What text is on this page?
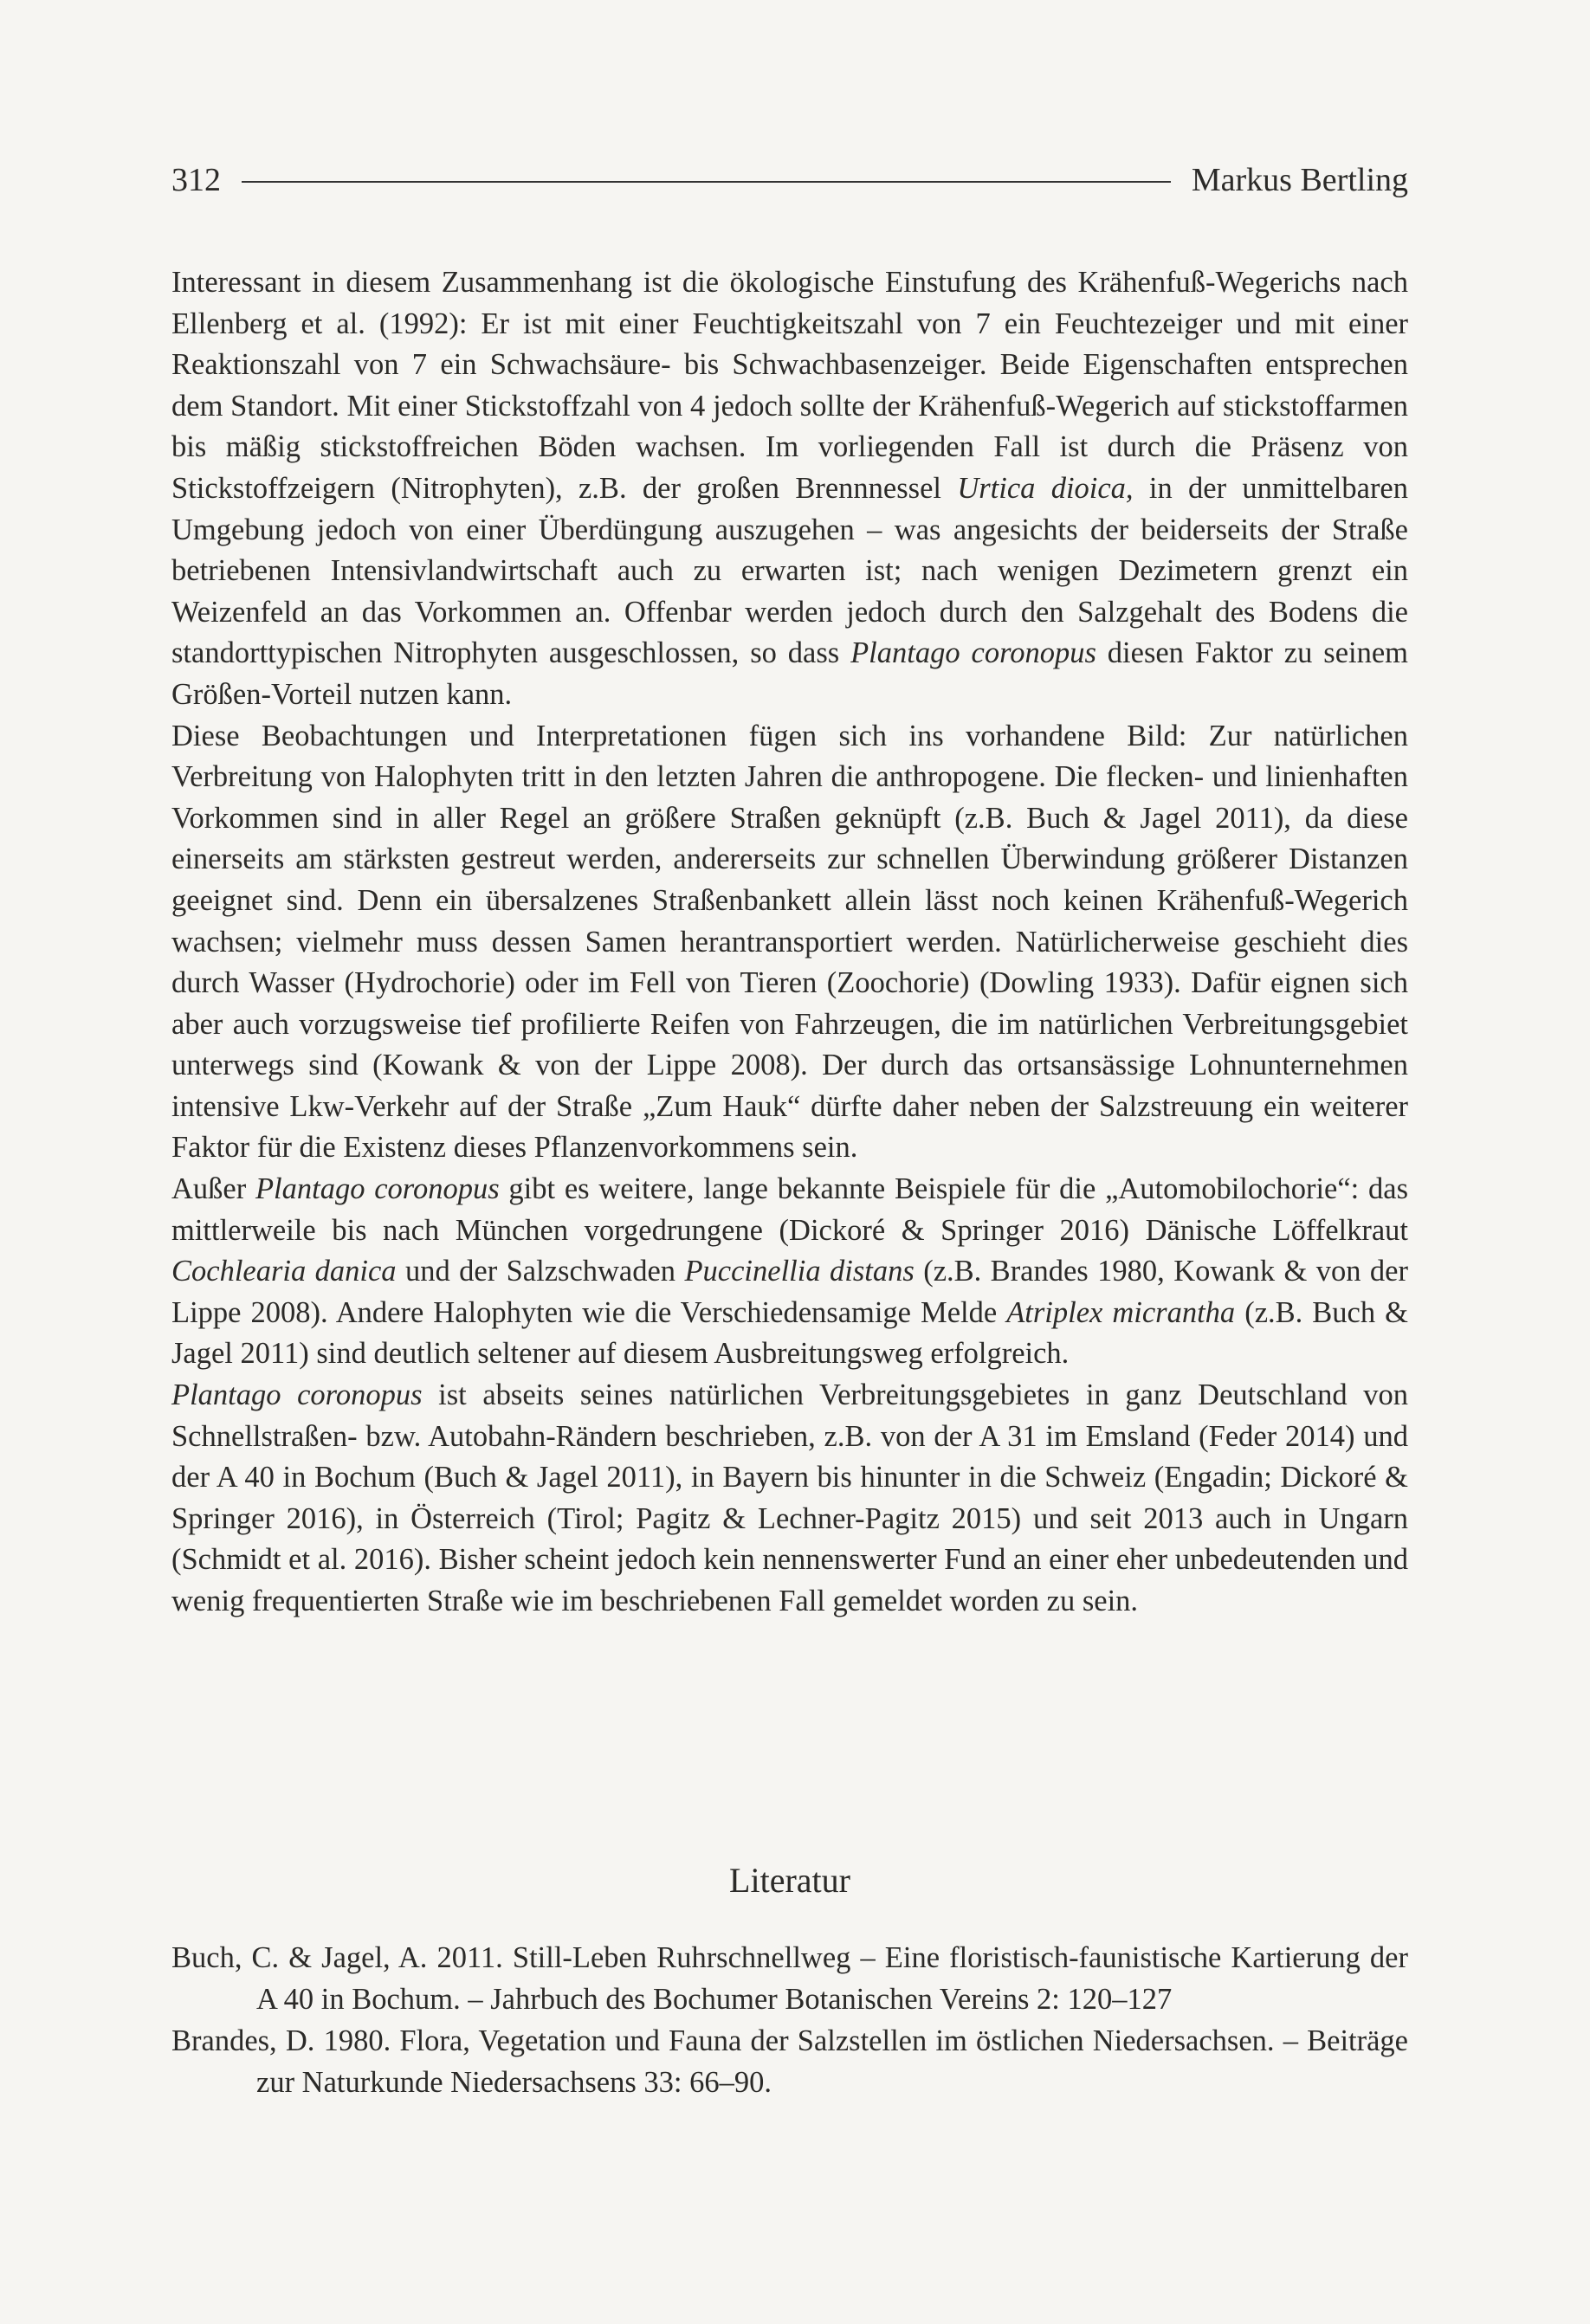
312	Markus Bertling

Interessant in diesem Zusammenhang ist die ökologische Einstufung des Krähenfuß-Wegerichs nach Ellenberg et al. (1992): Er ist mit einer Feuchtigkeitszahl von 7 ein Feuchtezeiger und mit einer Reaktionszahl von 7 ein Schwachsäure- bis Schwachbasenzeiger. Beide Eigenschaften entsprechen dem Standort. Mit einer Stickstoffzahl von 4 jedoch sollte der Krähenfuß-Wegerich auf stickstoffarmen bis mäßig stickstoffreichen Böden wachsen. Im vorliegenden Fall ist durch die Präsenz von Stickstoffzeigern (Nitrophyten), z.B. der großen Brennnessel Urtica dioica, in der unmittelbaren Umgebung jedoch von einer Überdüngung auszugehen – was angesichts der beiderseits der Straße betriebenen Intensivlandwirtschaft auch zu erwarten ist; nach wenigen Dezimetern grenzt ein Weizenfeld an das Vorkommen an. Offenbar werden jedoch durch den Salzgehalt des Bodens die standorttypischen Nitrophyten ausgeschlossen, so dass Plantago coronopus diesen Faktor zu seinem Größen-Vorteil nutzen kann.

Diese Beobachtungen und Interpretationen fügen sich ins vorhandene Bild: Zur natürlichen Verbreitung von Halophyten tritt in den letzten Jahren die anthropogene. Die flecken- und linienhaften Vorkommen sind in aller Regel an größere Straßen geknüpft (z.B. Buch & Jagel 2011), da diese einerseits am stärksten gestreut werden, andererseits zur schnellen Überwindung größerer Distanzen geeignet sind. Denn ein übersalzenes Straßenbankett allein lässt noch keinen Krähenfuß-Wegerich wachsen; vielmehr muss dessen Samen herantransportiert werden. Natürlicherweise geschieht dies durch Wasser (Hydrochorie) oder im Fell von Tieren (Zoochorie) (Dowling 1933). Dafür eignen sich aber auch vorzugsweise tief profilierte Reifen von Fahrzeugen, die im natürlichen Verbreitungsgebiet unterwegs sind (Kowank & von der Lippe 2008). Der durch das ortsansässige Lohnunternehmen intensive Lkw-Verkehr auf der Straße „Zum Hauk“ dürfte daher neben der Salzstreuung ein weiterer Faktor für die Existenz dieses Pflanzenvorkommens sein.

Außer Plantago coronopus gibt es weitere, lange bekannte Beispiele für die „Automobilochorie“: das mittlerweile bis nach München vorgedrungene (Dickoré & Springer 2016) Dänische Löffelkraut Cochlearia danica und der Salzschwaden Puccinellia distans (z.B. Brandes 1980, Kowank & von der Lippe 2008). Andere Halophyten wie die Verschiedensamige Melde Atriplex micrantha (z.B. Buch & Jagel 2011) sind deutlich seltener auf diesem Ausbreitungsweg erfolgreich.

Plantago coronopus ist abseits seines natürlichen Verbreitungsgebietes in ganz Deutschland von Schnellstraßen- bzw. Autobahn-Rändern beschrieben, z.B. von der A 31 im Emsland (Feder 2014) und der A 40 in Bochum (Buch & Jagel 2011), in Bayern bis hinunter in die Schweiz (Engadin; Dickoré & Springer 2016), in Österreich (Tirol; Pagitz & Lechner-Pagitz 2015) und seit 2013 auch in Ungarn (Schmidt et al. 2016). Bisher scheint jedoch kein nennenswerter Fund an einer eher unbedeutenden und wenig frequentierten Straße wie im beschriebenen Fall gemeldet worden zu sein.

Literatur

Buch, C. & Jagel, A. 2011. Still-Leben Ruhrschnellweg – Eine floristisch-faunistische Kartierung der A 40 in Bochum. – Jahrbuch des Bochumer Botanischen Vereins 2: 120–127

Brandes, D. 1980. Flora, Vegetation und Fauna der Salzstellen im östlichen Niedersachsen. – Beiträge zur Naturkunde Niedersachsens 33: 66–90.
